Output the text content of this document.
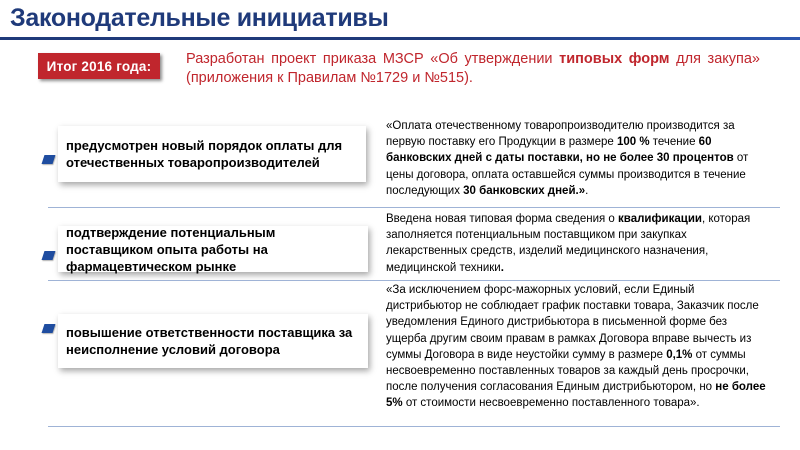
Законодательные инициативы
Итог 2016 года:	Разработан проект приказа МЗСР «Об утверждении типовых форм для закупа» (приложения к Правилам №1729 и №515).
предусмотрен новый порядок оплаты для отечественных товаропроизводителей
«Оплата отечественному товаропроизводителю производится за первую поставку его Продукции в размере 100 % течение 60 банковских дней с даты поставки, но не более 30 процентов от цены договора, оплата оставшейся суммы производится в течение последующих 30 банковских дней.».
подтверждение потенциальным поставщиком опыта работы на фармацевтическом рынке
Введена новая типовая форма сведения о квалификации, которая заполняется потенциальным поставщиком при закупках лекарственных средств, изделий медицинского назначения, медицинской техники.
повышение ответственности поставщика за неисполнение условий договора
«За исключением форс-мажорных условий, если Единый дистрибьютор не соблюдает график поставки товара, Заказчик после уведомления Единого дистрибьютора в письменной форме без ущерба другим своим правам в рамках Договора вправе вычесть из суммы Договора в виде неустойки сумму в размере 0,1% от суммы несвоевременно поставленных товаров за каждый день просрочки, после получения согласования Единым дистрибьютором, но не более 5% от стоимости несвоевременно поставленного товара».
